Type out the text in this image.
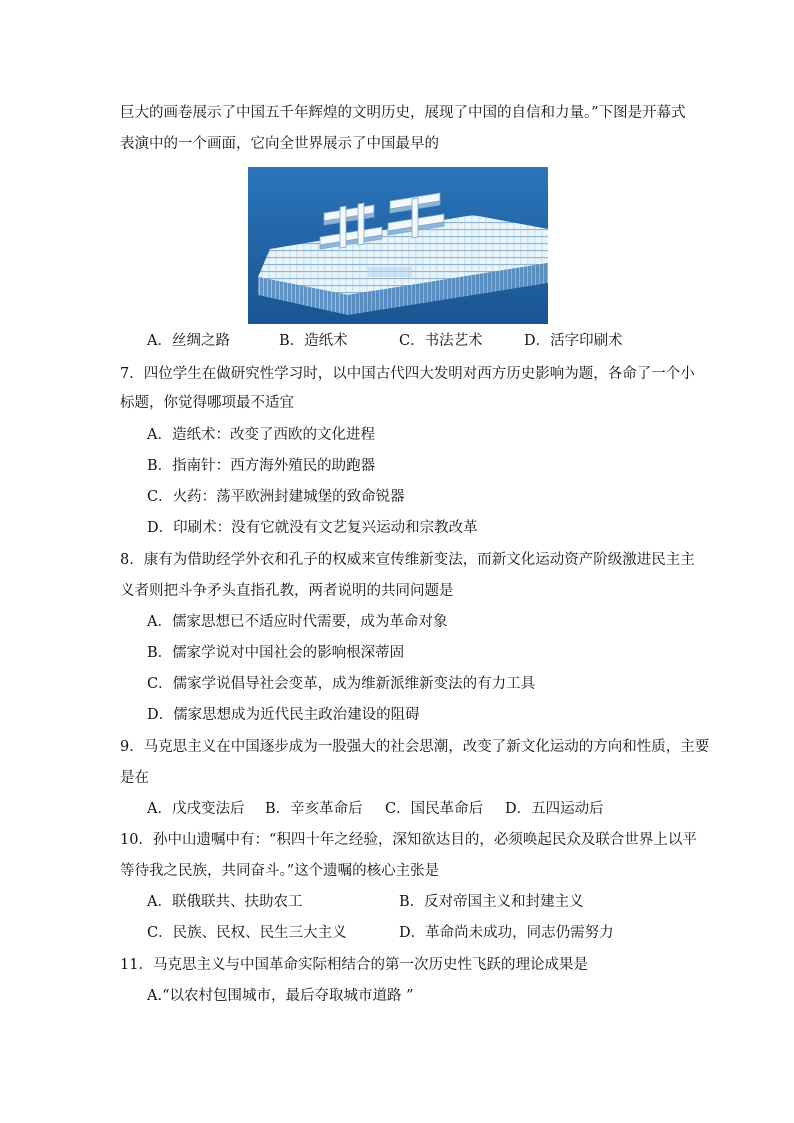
巨大的画卷展示了中国五千年辉煌的文明历史，展现了中国的自信和力量。”下图是开幕式
表演中的一个画面，它向全世界展示了中国最早的
A．丝绸之路	B．造纸术	C．书法艺术	D．活字印刷术
7．四位学生在做研究性学习时，以中国古代四大发明对西方历史影响为题，各命了一个小
标题，你觉得哪项最不适宜
A．造纸术：改变了西欧的文化进程
B．指南针：西方海外殖民的助跑器
C．火药：荡平欧洲封建城堡的致命锐器
D．印刷术：没有它就没有文艺复兴运动和宗教改革
8．康有为借助经学外衣和孔子的权威来宣传维新变法，而新文化运动资产阶级激进民主主
义者则把斗争矛头直指孔教，两者说明的共同问题是
A．儒家思想已不适应时代需要，成为革命对象
B．儒家学说对中国社会的影响根深蒂固
C．儒家学说倡导社会变革，成为维新派维新变法的有力工具
D．儒家思想成为近代民主政治建设的阻碍
9．马克思主义在中国逐步成为一股强大的社会思潮，改变了新文化运动的方向和性质，主要
是在
A．戊戌变法后 B．辛亥革命后 C．国民革命后 D．五四运动后
10．孙中山遗嘱中有：“积四十年之经验，深知欲达目的，必须唤起民众及联合世界上以平
等待我之民族，共同奋斗。”这个遗嘱的核心主张是
A．联俄联共、扶助农工	B．反对帝国主义和封建主义
C．民族、民权、民生三大主义	D．革命尚未成功，同志仍需努力
11．马克思主义与中国革命实际相结合的第一次历史性飞跃的理论成果是
A.“以农村包围城市，最后夺取城市道路 ”
